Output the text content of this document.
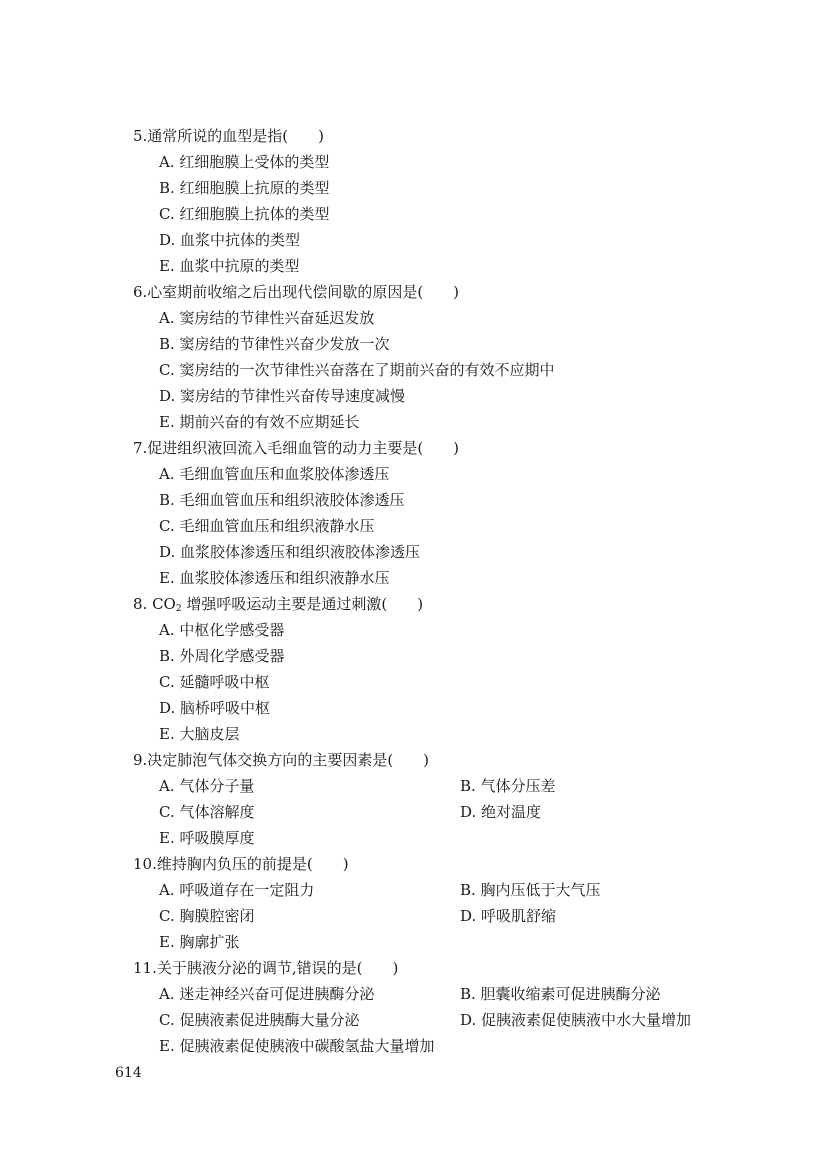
5.通常所说的血型是指(　　)
A. 红细胞膜上受体的类型
B. 红细胞膜上抗原的类型
C. 红细胞膜上抗体的类型
D. 血浆中抗体的类型
E. 血浆中抗原的类型
6.心室期前收缩之后出现代偿间歇的原因是(　　)
A. 窦房结的节律性兴奋延迟发放
B. 窦房结的节律性兴奋少发放一次
C. 窦房结的一次节律性兴奋落在了期前兴奋的有效不应期中
D. 窦房结的节律性兴奋传导速度减慢
E. 期前兴奋的有效不应期延长
7.促进组织液回流入毛细血管的动力主要是(　　)
A. 毛细血管血压和血浆胶体渗透压
B. 毛细血管血压和组织液胶体渗透压
C. 毛细血管血压和组织液静水压
D. 血浆胶体渗透压和组织液胶体渗透压
E. 血浆胶体渗透压和组织液静水压
8. $CO_2$ 增强呼吸运动主要是通过刺激(　　)
A. 中枢化学感受器
B. 外周化学感受器
C. 延髓呼吸中枢
D. 脑桥呼吸中枢
E. 大脑皮层
9.决定肺泡气体交换方向的主要因素是(　　)
A. 气体分子量	B. 气体分压差
C. 气体溶解度	D. 绝对温度
E. 呼吸膜厚度
10.维持胸内负压的前提是(　　)
A. 呼吸道存在一定阻力	B. 胸内压低于大气压
C. 胸膜腔密闭	D. 呼吸肌舒缩
E. 胸廓扩张
11.关于胰液分泌的调节,错误的是(　　)
A. 迷走神经兴奋可促进胰酶分泌	B. 胆囊收缩素可促进胰酶分泌
C. 促胰液素促进胰酶大量分泌	D. 促胰液素促使胰液中水大量增加
E. 促胰液素促使胰液中碳酸氢盐大量增加
614
